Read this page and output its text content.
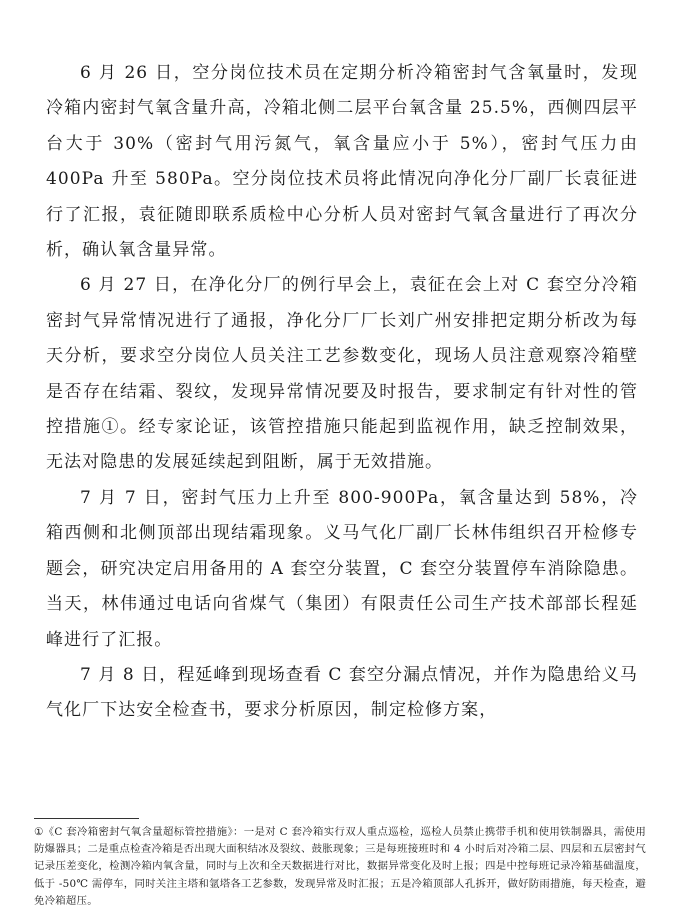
6 月 26 日，空分岗位技术员在定期分析冷箱密封气含氧量时，发现冷箱内密封气氧含量升高，冷箱北侧二层平台氧含量 25.5%，西侧四层平台大于 30%（密封气用污氮气，氧含量应小于 5%），密封气压力由 400Pa 升至 580Pa。空分岗位技术员将此情况向净化分厂副厂长袁征进行了汇报，袁征随即联系质检中心分析人员对密封气氧含量进行了再次分析，确认氧含量异常。

6 月 27 日，在净化分厂的例行早会上，袁征在会上对 C 套空分冷箱密封气异常情况进行了通报，净化分厂厂长刘广州安排把定期分析改为每天分析，要求空分岗位人员关注工艺参数变化，现场人员注意观察冷箱壁是否存在结霜、裂纹，发现异常情况要及时报告，要求制定有针对性的管控措施①。经专家论证，该管控措施只能起到监视作用，缺乏控制效果，无法对隐患的发展延续起到阻断，属于无效措施。

7 月 7 日，密封气压力上升至 800-900Pa，氧含量达到 58%，冷箱西侧和北侧顶部出现结霜现象。义马气化厂副厂长林伟组织召开检修专题会，研究决定启用备用的 A 套空分装置，C 套空分装置停车消除隐患。当天，林伟通过电话向省煤气（集团）有限责任公司生产技术部部长程延峰进行了汇报。

7 月 8 日，程延峰到现场查看 C 套空分漏点情况，并作为隐患给义马气化厂下达安全检查书，要求分析原因，制定检修方案，

①《C 套冷箱密封气氧含量超标管控措施》：一是对 C 套冷箱实行双人重点巡检，巡检人员禁止携带手机和使用铁制器具，需使用防爆器具；二是重点检查冷箱是否出现大面积结冰及裂纹、鼓胀现象；三是每班接班时和 4 小时后对冷箱二层、四层和五层密封气记录压差变化，检测冷箱内氧含量，同时与上次和全天数据进行对比，数据异常变化及时上报；四是中控每班记录冷箱基础温度，低于 -50℃ 需停车，同时关注主塔和氩塔各工艺参数，发现异常及时汇报；五是冷箱顶部人孔拆开，做好防雨措施，每天检查，避免冷箱超压。
